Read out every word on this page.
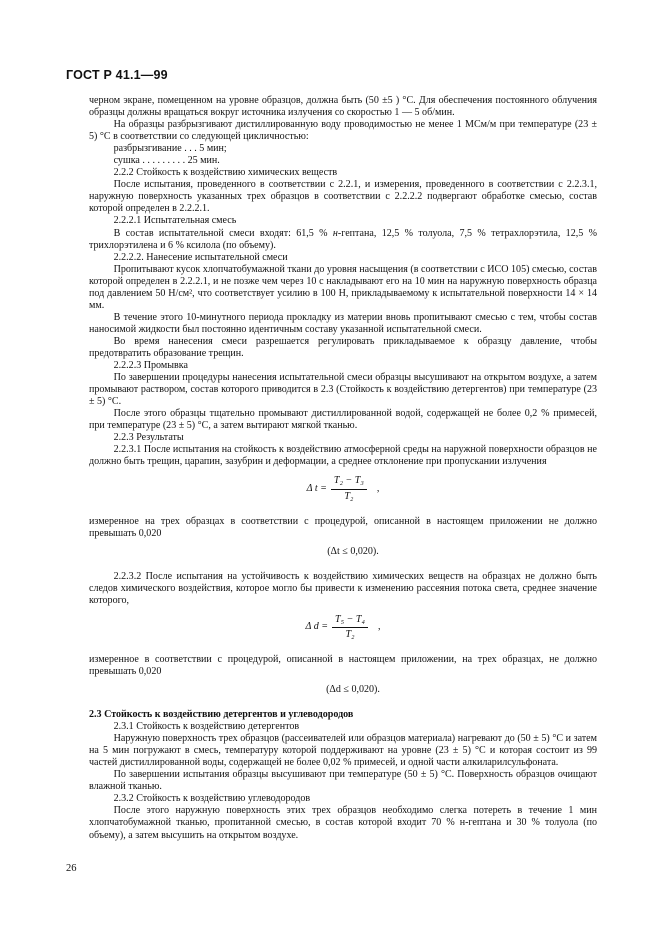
ГОСТ Р 41.1—99

черном экране, помещенном на уровне образцов, должна быть (50 ±5 ) °С. Для обеспечения постоянного облучения образцы должны вращаться вокруг источника излучения со скоростью 1 — 5 об/мин.

На образцы разбрызгивают дистиллированную воду проводимостью не менее 1 МСм/м при температуре (23 ± 5) °С в соответствии со следующей цикличностью:

разбрызгивание . . . 5 мин;

сушка . . . . . . . . . 25 мин.

2.2.2 Стойкость к воздействию химических веществ

После испытания, проведенного в соответствии с 2.2.1, и измерения, проведенного в соответствии с 2.2.3.1, наружную поверхность указанных трех образцов в соответствии с 2.2.2.2 подвергают обработке смесью, состав которой определен в 2.2.2.1.

2.2.2.1 Испытательная смесь

В состав испытательной смеси входят: 61,5 % н-гептана, 12,5 % толуола, 7,5 % тетрахлорэтила, 12,5 % трихлорэтилена и 6 % ксилола (по объему).

2.2.2.2. Нанесение испытательной смеси

Пропитывают кусок хлопчатобумажной ткани до уровня насыщения (в соответствии с ИСО 105) смесью, состав которой определен в 2.2.2.1, и не позже чем через 10 с накладывают его на 10 мин на наружную поверхность образца под давлением 50 Н/см², что соответствует усилию в 100 Н, прикладываемому к испытательной поверхности 14 × 14 мм.

В течение этого 10-минутного периода прокладку из материи вновь пропитывают смесью с тем, чтобы состав наносимой жидкости был постоянно идентичным составу указанной испытательной смеси.

Во время нанесения смеси разрешается регулировать прикладываемое к образцу давление, чтобы предотвратить образование трещин.

2.2.2.3 Промывка

По завершении процедуры нанесения испытательной смеси образцы высушивают на открытом воздухе, а затем промывают раствором, состав которого приводится в 2.3 (Стойкость к воздействию детергентов) при температуре (23 ± 5) °С.

После этого образцы тщательно промывают дистиллированной водой, содержащей не более 0,2 % примесей, при температуре (23 ± 5) °С, а затем вытирают мягкой тканью.

2.2.3 Результаты

2.2.3.1 После испытания на стойкость к воздействию атмосферной среды на наружной поверхности образцов не должно быть трещин, царапин, зазубрин и деформации, а среднее отклонение при пропускании излучения

Δ $t = \frac{\text{T₂ − T₃}}{\text{T₂}}$ ,

измеренное на трех образцах в соответствии с процедурой, описанной в настоящем приложении не должно превышать 0,020

(Δt ≤ 0,020).

2.2.3.2 После испытания на устойчивость к воздействию химических веществ на образцах не должно быть следов химического воздействия, которое могло бы привести к изменению рассеяния потока света, среднее значение которого,

Δ $d = \frac{\text{T₅ − T₄}}{\text{T₂}}$ ,

измеренное в соответствии с процедурой, описанной в настоящем приложении, на трех образцах, не должно превышать 0,020

(Δd ≤ 0,020).

2.3 Стойкость к воздействию детергентов и углеводородов

2.3.1 Стойкость к воздействию детергентов

Наружную поверхность трех образцов (рассеивателей или образцов материала) нагревают до (50 ± 5) °С и затем на 5 мин погружают в смесь, температуру которой поддерживают на уровне (23 ± 5) °С и которая состоит из 99 частей дистиллированной воды, содержащей не более 0,02 % примесей, и одной части алкиларилсульфоната.

По завершении испытания образцы высушивают при температуре (50 ± 5) °С. Поверхность образцов очищают влажной тканью.

2.3.2 Стойкость к воздействию углеводородов

После этого наружную поверхность этих трех образцов необходимо слегка потереть в течение 1 мин хлопчатобумажной тканью, пропитанной смесью, в состав которой входит 70 % н-гептана и 30 % толуола (по объему), а затем высушить на открытом воздухе.

26
